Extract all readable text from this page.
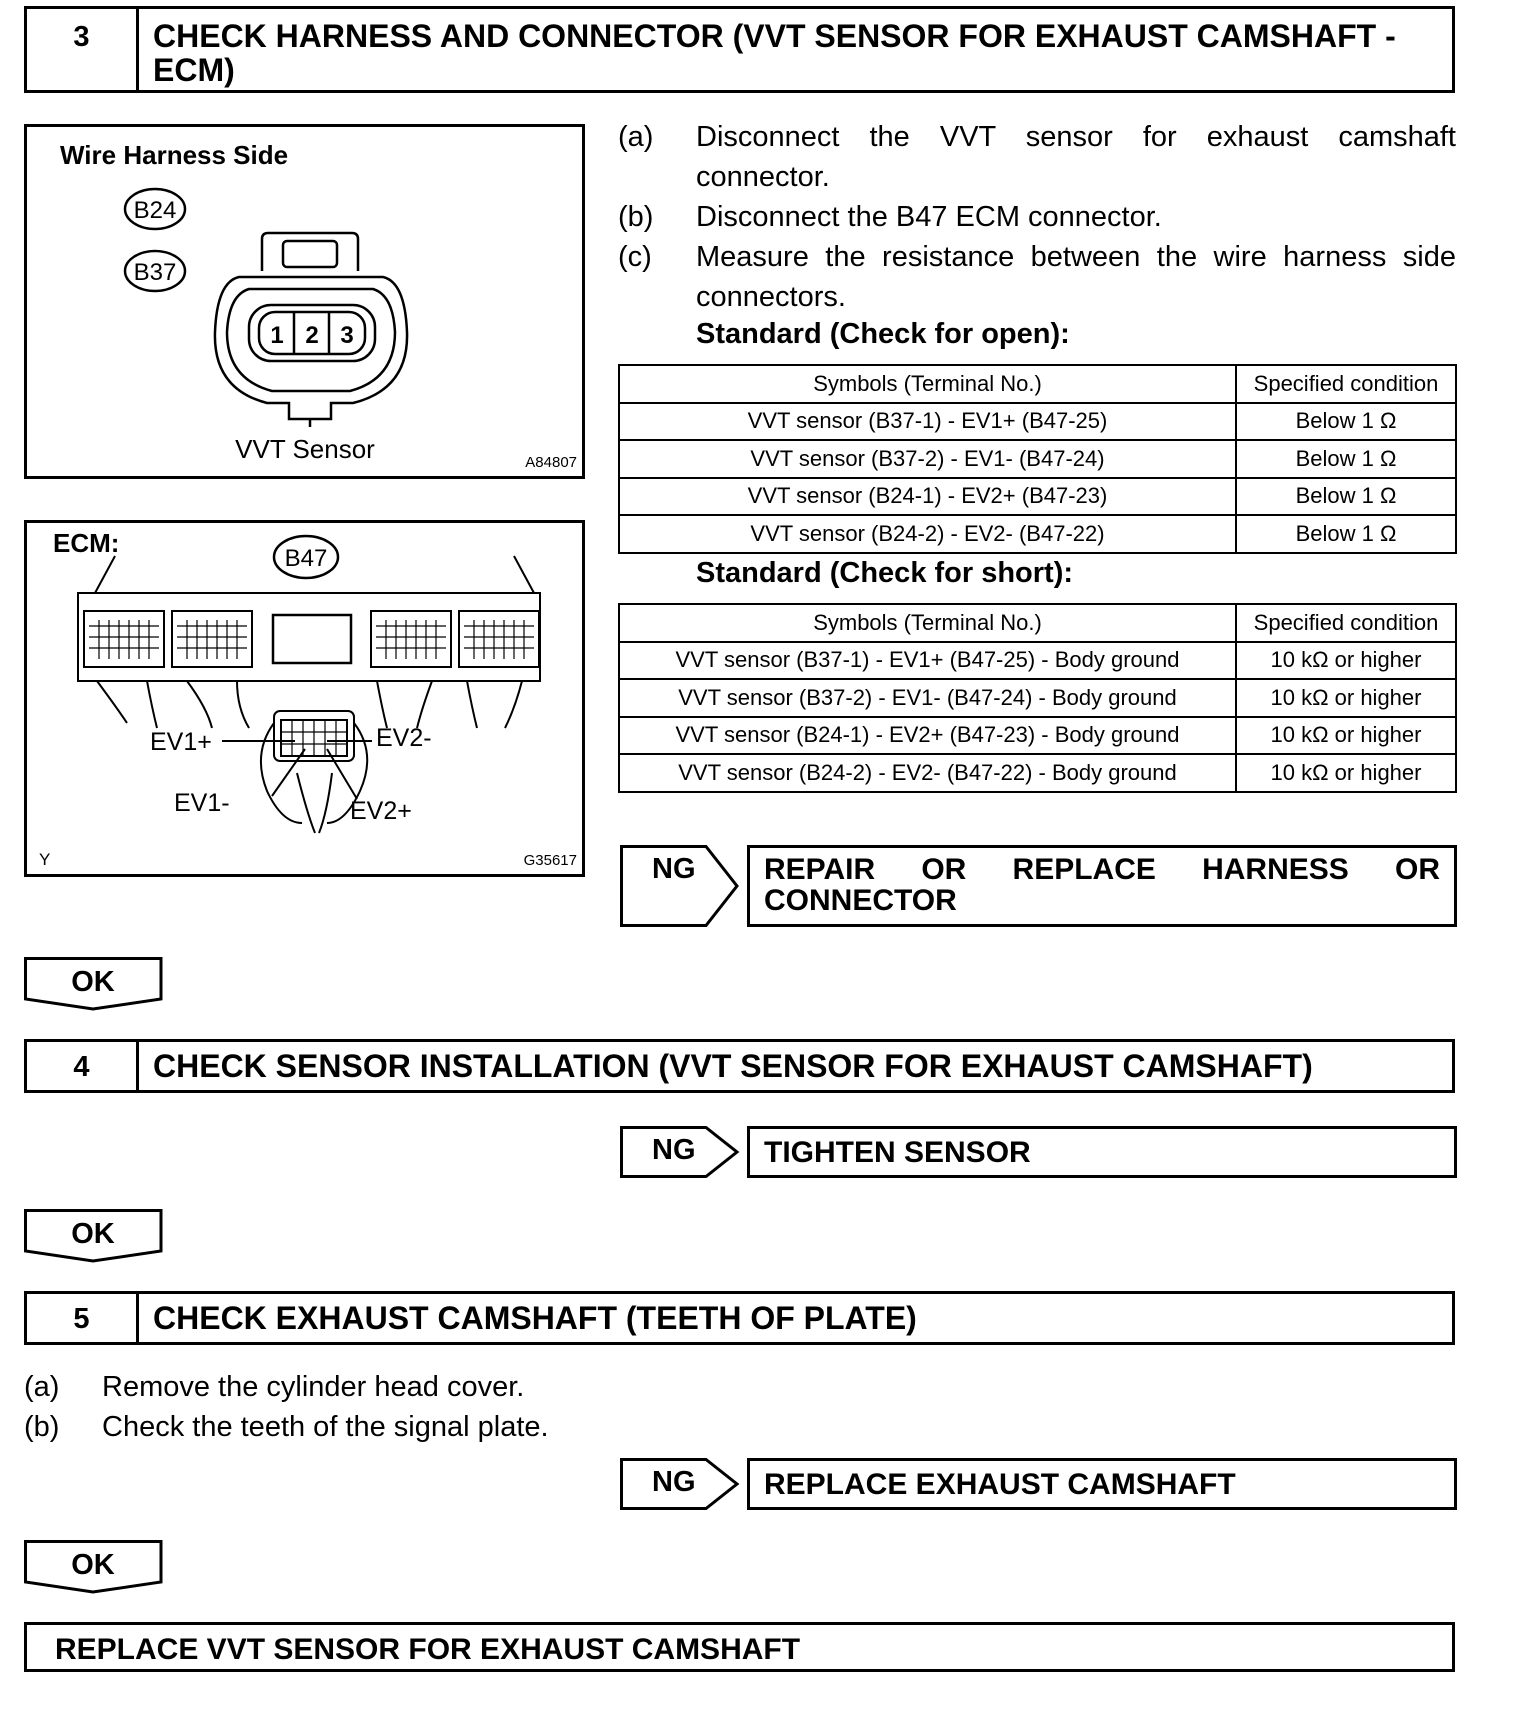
3	CHECK HARNESS AND CONNECTOR (VVT SENSOR FOR EXHAUST CAMSHAFT - ECM)
Wire Harness Side
B24
B37
1 2 3
VVT Sensor	A84807
ECM:
B47
EV1+	EV2-
EV1-	EV2+
Y	G35617
(a)	Disconnect the VVT sensor for exhaust camshaft connector.
(b)	Disconnect the B47 ECM connector.
(c)	Measure the resistance between the wire harness side connectors.
Standard (Check for open):
Symbols (Terminal No.)	Specified condition
VVT sensor (B37-1) - EV1+ (B47-25)	Below 1 Ω
VVT sensor (B37-2) - EV1- (B47-24)	Below 1 Ω
VVT sensor (B24-1) - EV2+ (B47-23)	Below 1 Ω
VVT sensor (B24-2) - EV2- (B47-22)	Below 1 Ω
Standard (Check for short):
Symbols (Terminal No.)	Specified condition
VVT sensor (B37-1) - EV1+ (B47-25) - Body ground	10 kΩ or higher
VVT sensor (B37-2) - EV1- (B47-24) - Body ground	10 kΩ or higher
VVT sensor (B24-1) - EV2+ (B47-23) - Body ground	10 kΩ or higher
VVT sensor (B24-2) - EV2- (B47-22) - Body ground	10 kΩ or higher
NG REPAIR OR REPLACE HARNESS OR
CONNECTOR
OK
4	CHECK SENSOR INSTALLATION (VVT SENSOR FOR EXHAUST CAMSHAFT)
NG	TIGHTEN SENSOR
OK
5	CHECK EXHAUST CAMSHAFT (TEETH OF PLATE)
(a)	Remove the cylinder head cover.
(b)	Check the teeth of the signal plate.
NG	REPLACE EXHAUST CAMSHAFT
OK
REPLACE VVT SENSOR FOR EXHAUST CAMSHAFT
